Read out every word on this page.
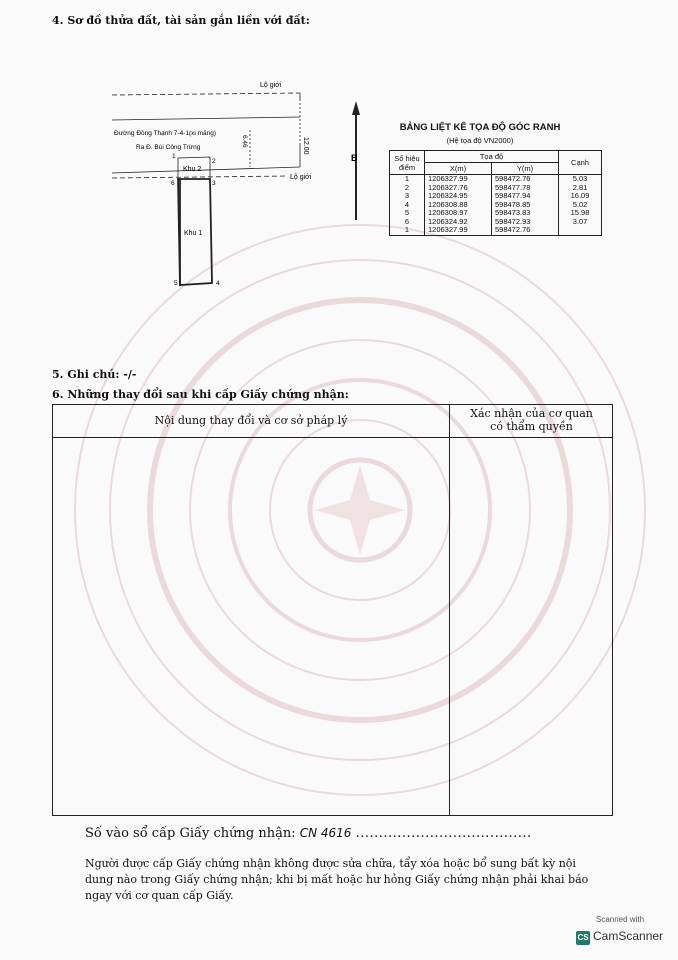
4. Sơ đồ thửa đất, tài sản gắn liền với đất:
Lộ giới
Lộ giới
Đường Đồng Thạnh 7-4-1(xi măng)
Ra Đ. Bùi Công Trừng	12.00
6.46
Khu 2
Khu 1
1
2
3
4
5
6
B
BẢNG LIỆT KÊ TỌA ĐỘ GÓC RANH
(Hệ tọa độ VN2000)
Số hiệu
điểm	Tọa độ		Cạnh
	X(m)	Y(m)	
1	1206327.99	598472.76	5.03
2	1206327.76	598477.78	2.81
3	1206324.95	598477.94	16.09
4	1206308.88	598478.85	5.02
5	1206308.97	598473.83	15.98
6	1206324.92	598472.93	3.07
1	1206327.99	598472.76	
5. Ghi chú: -/-
6. Những thay đổi sau khi cấp Giấy chứng nhận:
Nội dung thay đổi và cơ sở pháp lý
Xác nhận của cơ quan
có thẩm quyền
Số vào sổ cấp Giấy chứng nhận: CN 4616 ......................................
Người được cấp Giấy chứng nhận không được sửa chữa, tẩy xóa hoặc bổ sung bất kỳ nội dung nào trong Giấy chứng nhận; khi bị mất hoặc hư hỏng Giấy chứng nhận phải khai báo ngay với cơ quan cấp Giấy.
Scanned with
CS CamScanner
